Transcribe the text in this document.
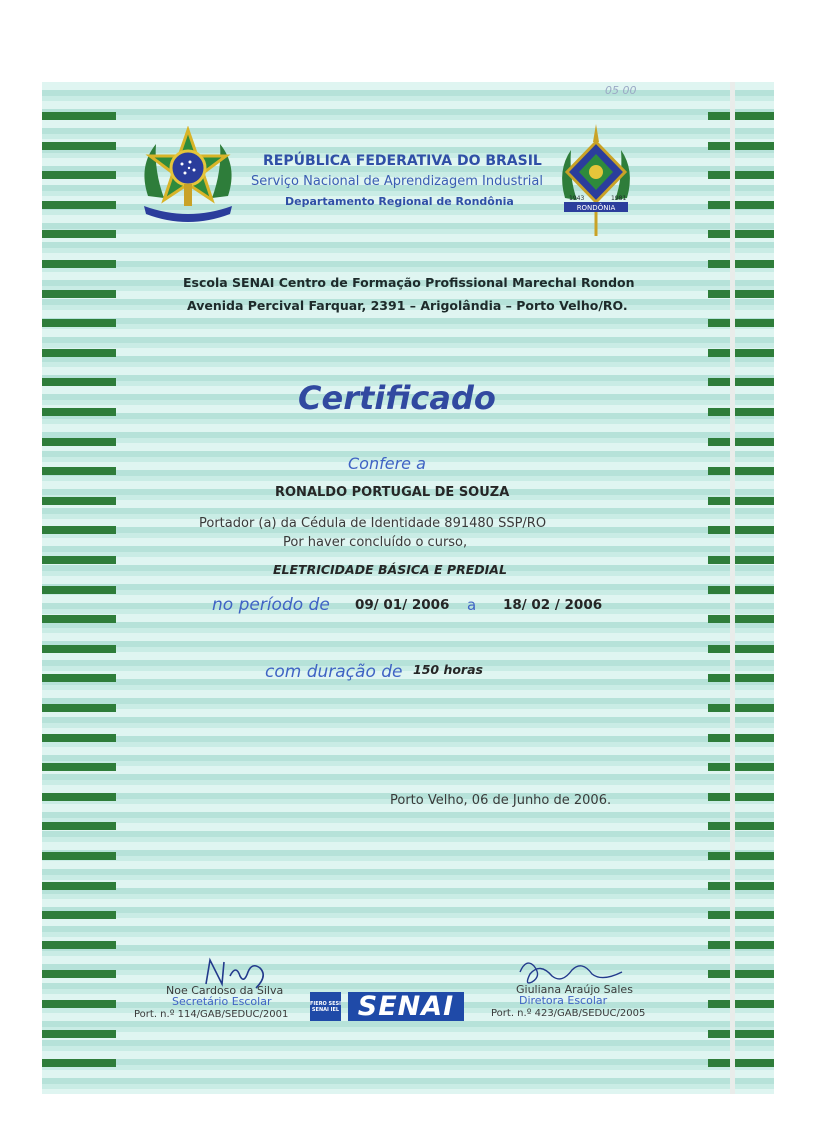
05 00
REPÚBLICA FEDERATIVA DO BRASIL
Serviço Nacional de Aprendizagem Industrial
Departamento Regional de Rondônia	RONDÔNIA
1943	1981
Escola SENAI Centro de Formação Profissional Marechal Rondon
Avenida Percival Farquar, 2391 – Arigolândia – Porto Velho/RO.
Certificado
Confere a
RONALDO PORTUGAL DE SOUZA
Portador (a) da Cédula de Identidade 891480 SSP/RO
Por haver concluído o curso,
ELETRICIDADE BÁSICA E PREDIAL
no período de 09/ 01/ 2006 a 18/ 02 / 2006
com duração de 150 horas
Porto Velho, 06 de Junho de 2006.
Noe Cardoso da Silva
Secretário Escolar
Port. n.º 114/GAB/SEDUC/2001
FIERO SESI SENAI IEL SENAI
Giuliana Araújo Sales
Diretora Escolar
Port. n.º 423/GAB/SEDUC/2005
